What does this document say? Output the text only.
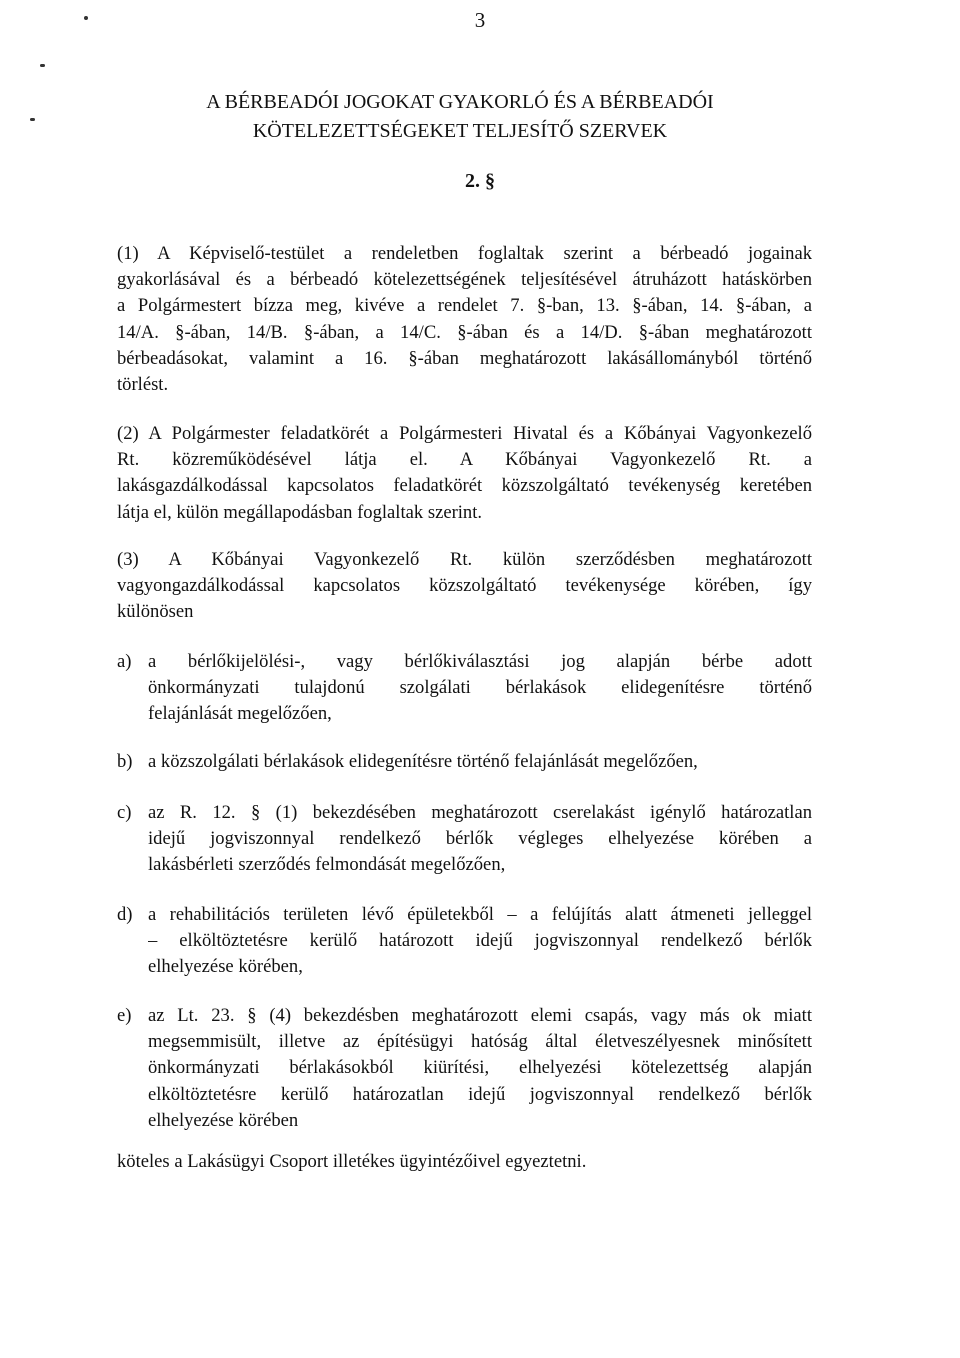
3
A BÉRBEADÓI JOGOKAT GYAKORLÓ ÉS A BÉRBEADÓI
KÖTELEZETTSÉGEKET TELJESÍTŐ SZERVEK
2. §
(1) A Képviselő-testület a rendeletben foglaltak szerint a bérbeadó jogainak
gyakorlásával és a bérbeadó kötelezettségének teljesítésével átruházott hatáskörben
a Polgármestert bízza meg, kivéve a rendelet 7. §-ban, 13. §-ában, 14. §-ában, a
14/A. §-ában, 14/B. §-ában, a 14/C. §-ában és a 14/D. §-ában meghatározott
bérbeadásokat, valamint a 16. §-ában meghatározott lakásállományból történő
törlést.
(2) A Polgármester feladatkörét a Polgármesteri Hivatal és a Kőbányai Vagyonkezelő
Rt. közreműködésével látja el. A Kőbányai Vagyonkezelő Rt. a
lakásgazdálkodással kapcsolatos feladatkörét közszolgáltató tevékenység keretében
látja el, külön megállapodásban foglaltak szerint.
(3) A Kőbányai Vagyonkezelő Rt. külön szerződésben meghatározott
vagyongazdálkodással kapcsolatos közszolgáltató tevékenysége körében, így
különösen
a) a bérlőkijelölési-, vagy bérlőkiválasztási jog alapján bérbe adott
önkormányzati tulajdonú szolgálati bérlakások elidegenítésre történő
felajánlását megelőzően,
b) a közszolgálati bérlakások elidegenítésre történő felajánlását megelőzően,
c) az R. 12. § (1) bekezdésében meghatározott cserelakást igénylő határozatlan
idejű jogviszonnyal rendelkező bérlők végleges elhelyezése körében a
lakásbérleti szerződés felmondását megelőzően,
d) a rehabilitációs területen lévő épületekből – a felújítás alatt átmeneti jelleggel
– elköltöztetésre kerülő határozott idejű jogviszonnyal rendelkező bérlők
elhelyezése körében,
e) az Lt. 23. § (4) bekezdésben meghatározott elemi csapás, vagy más ok miatt
megsemmisült, illetve az építésügyi hatóság által életveszélyesnek minősített
önkormányzati bérlakásokból kiürítési, elhelyezési kötelezettség alapján
elköltöztetésre kerülő határozatlan idejű jogviszonnyal rendelkező bérlők
elhelyezése körében
köteles a Lakásügyi Csoport illetékes ügyintézőivel egyeztetni.
